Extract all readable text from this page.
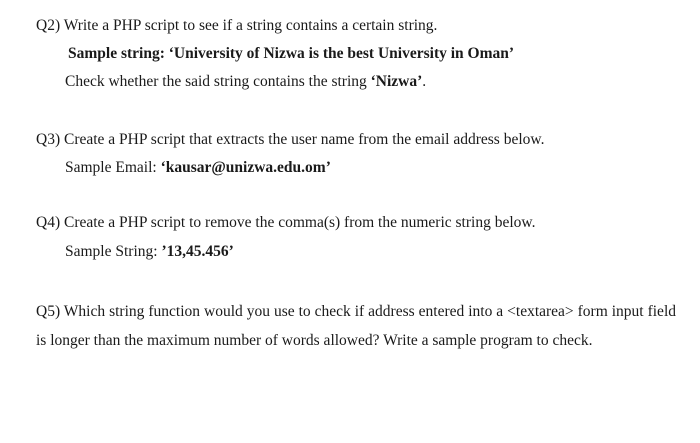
Q2) Write a PHP script to see if a string contains a certain string.
Sample string: ‘University of Nizwa is the best University in Oman’
Check whether the said string contains the string ‘Nizwa’.
Q3) Create a PHP script that extracts the user name from the email address below.
Sample Email: ‘kausar@unizwa.edu.om’
Q4) Create a PHP script to remove the comma(s) from the numeric string below.
Sample String: ’13,45.456’
Q5) Which string function would you use to check if address entered into a <textarea> form input field is longer than the maximum number of words allowed? Write a sample program to check.
